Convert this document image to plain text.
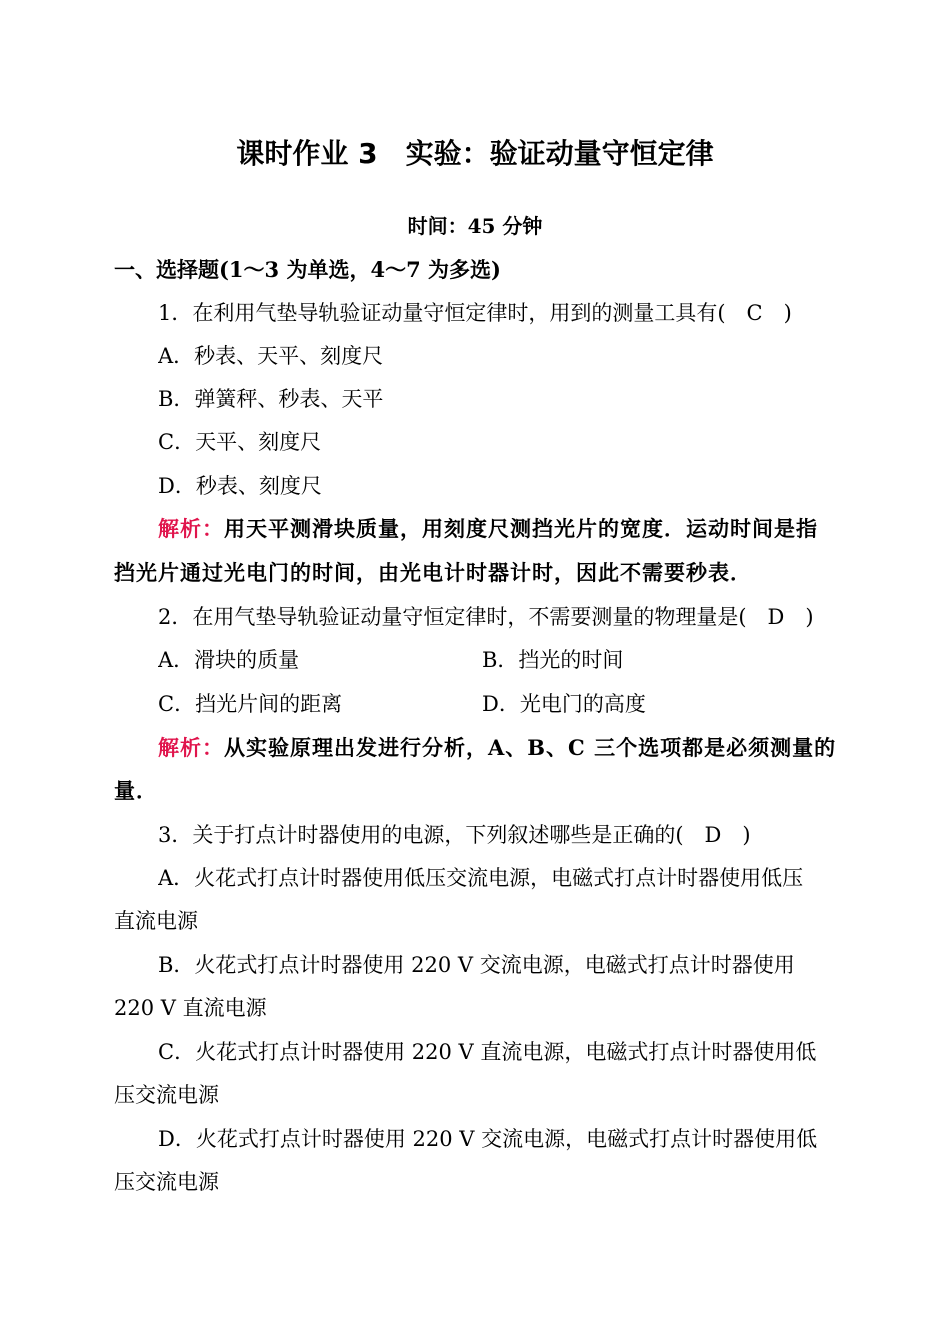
课时作业 3　实验：验证动量守恒定律
时间：45 分钟
一、选择题(1～3 为单选，4～7 为多选)
1．在利用气垫导轨验证动量守恒定律时，用到的测量工具有(　C　)
A．秒表、天平、刻度尺
B．弹簧秤、秒表、天平
C．天平、刻度尺
D．秒表、刻度尺
解析：用天平测滑块质量，用刻度尺测挡光片的宽度．运动时间是指
挡光片通过光电门的时间，由光电计时器计时，因此不需要秒表．
2．在用气垫导轨验证动量守恒定律时，不需要测量的物理量是(　D　)
A．滑块的质量	B．挡光的时间
C．挡光片间的距离	D．光电门的高度
解析：从实验原理出发进行分析，A、B、C 三个选项都是必须测量的
量．
3．关于打点计时器使用的电源，下列叙述哪些是正确的(　D　)
A．火花式打点计时器使用低压交流电源，电磁式打点计时器使用低压
直流电源
B．火花式打点计时器使用 220 V 交流电源，电磁式打点计时器使用
220 V 直流电源
C．火花式打点计时器使用 220 V 直流电源，电磁式打点计时器使用低
压交流电源
D．火花式打点计时器使用 220 V 交流电源，电磁式打点计时器使用低
压交流电源
